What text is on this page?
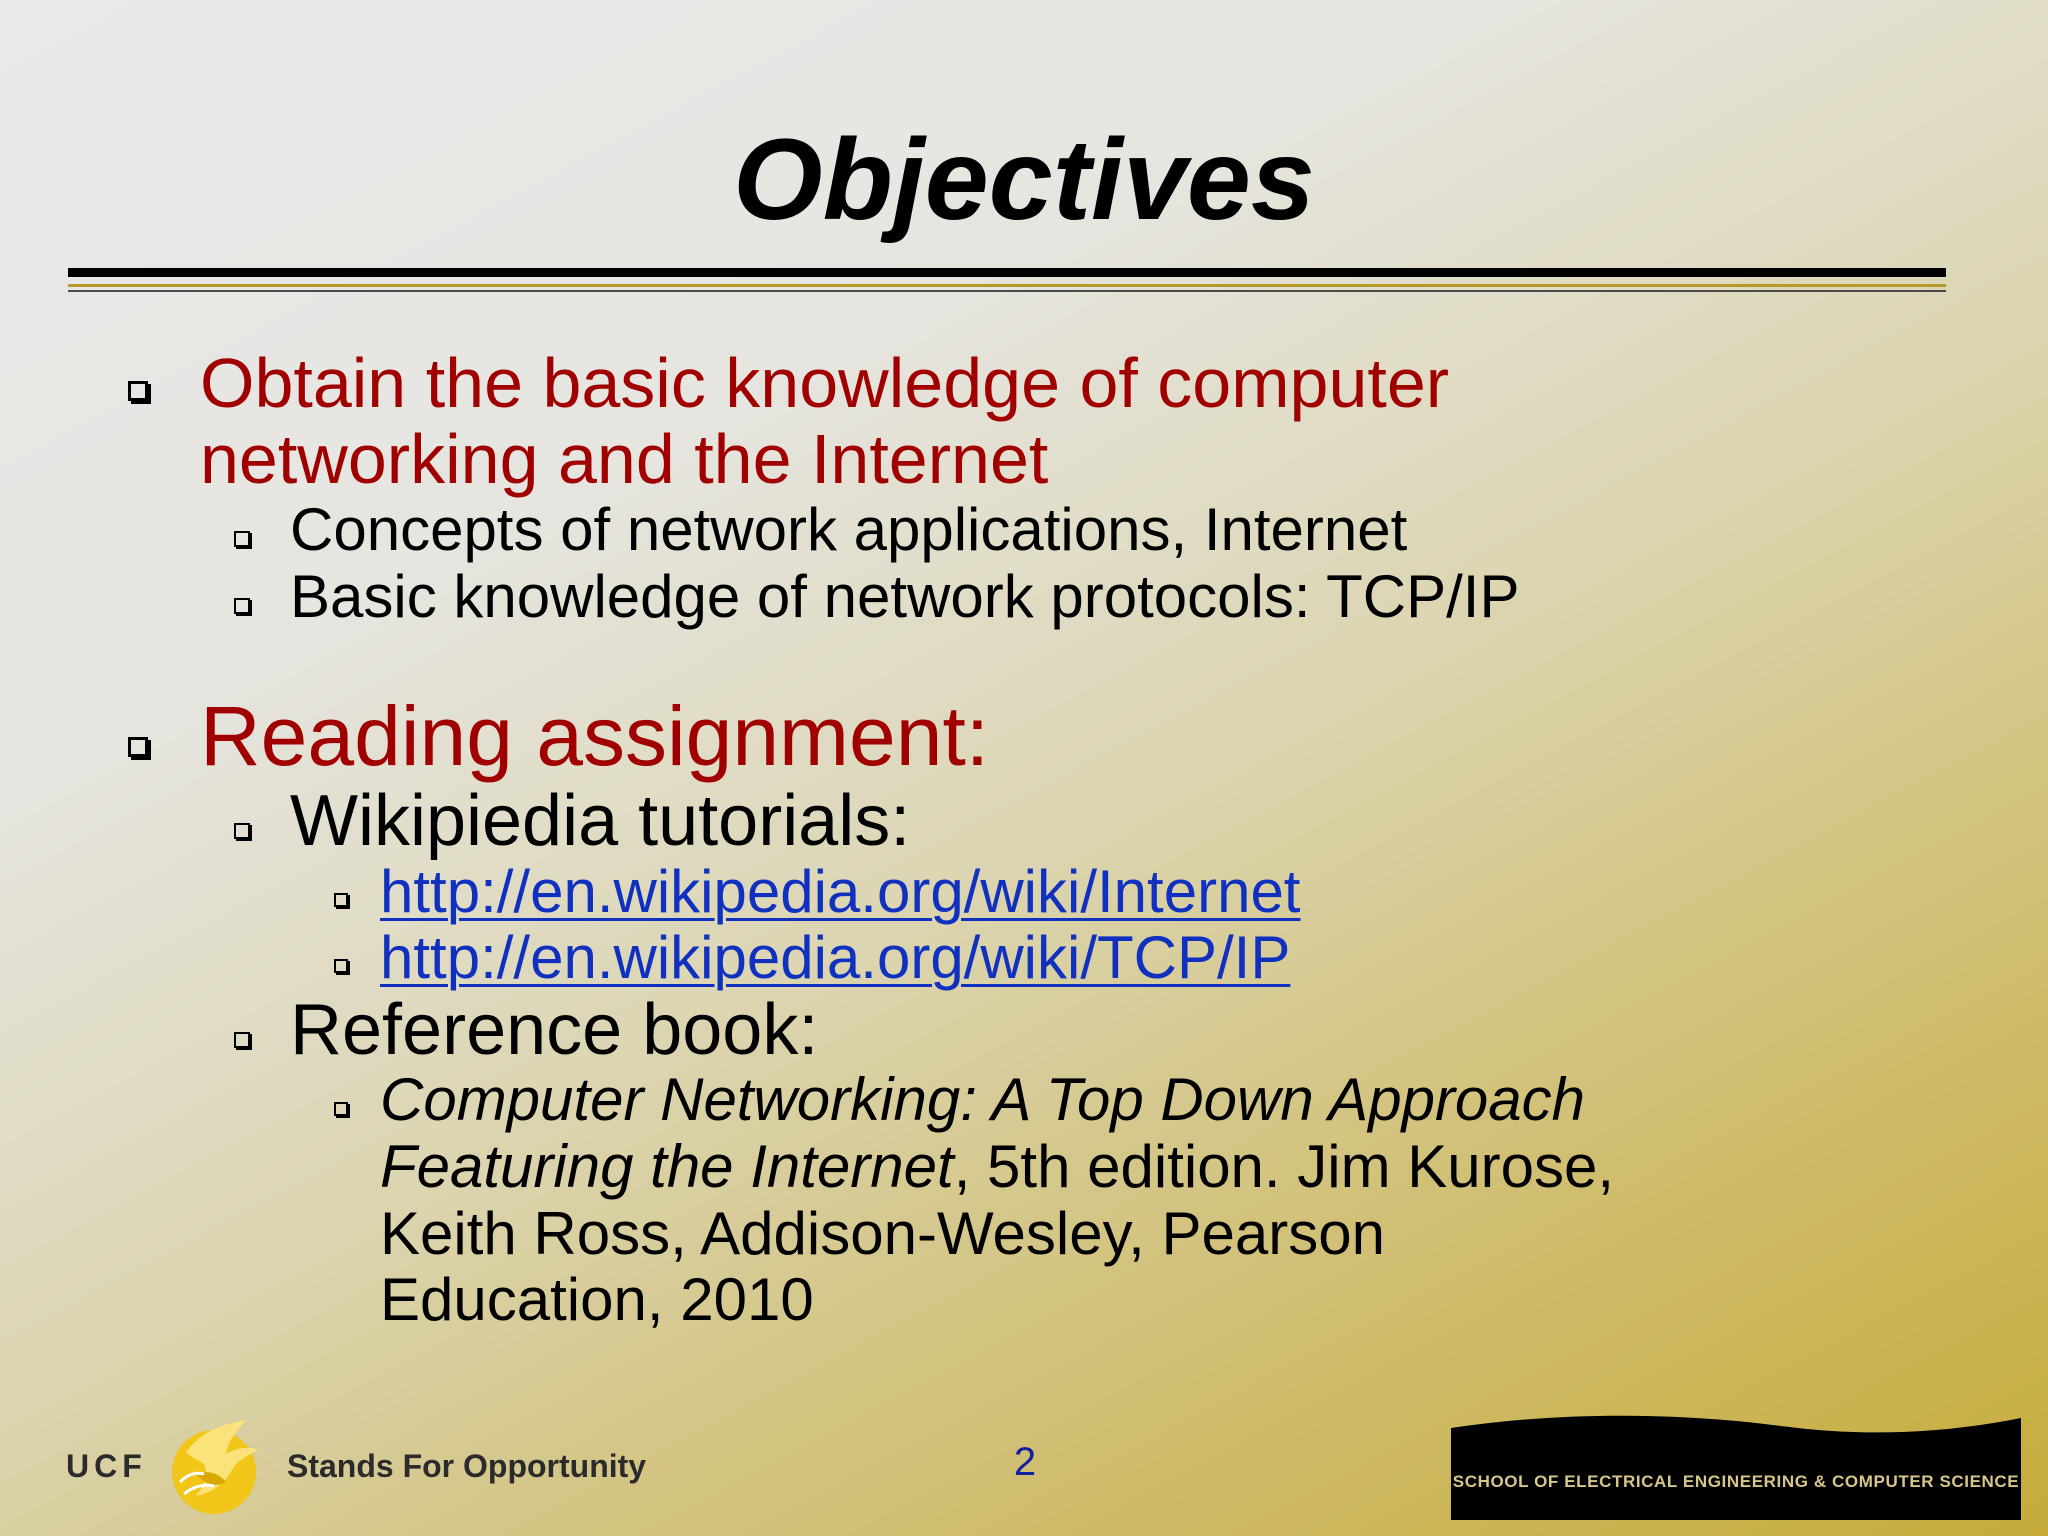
Objectives
Obtain the basic knowledge of computer
networking and the Internet
Concepts of network applications, Internet
Basic knowledge of network protocols: TCP/IP
Reading assignment:
Wikipiedia tutorials:
http://en.wikipedia.org/wiki/Internet
http://en.wikipedia.org/wiki/TCP/IP
Reference book:
Computer Networking: A Top Down Approach
Featuring the Internet, 5th edition. Jim Kurose,
Keith Ross, Addison-Wesley, Pearson
Education, 2010
UCF	Stands For Opportunity	2	SCHOOL OF ELECTRICAL ENGINEERING & COMPUTER SCIENCE
